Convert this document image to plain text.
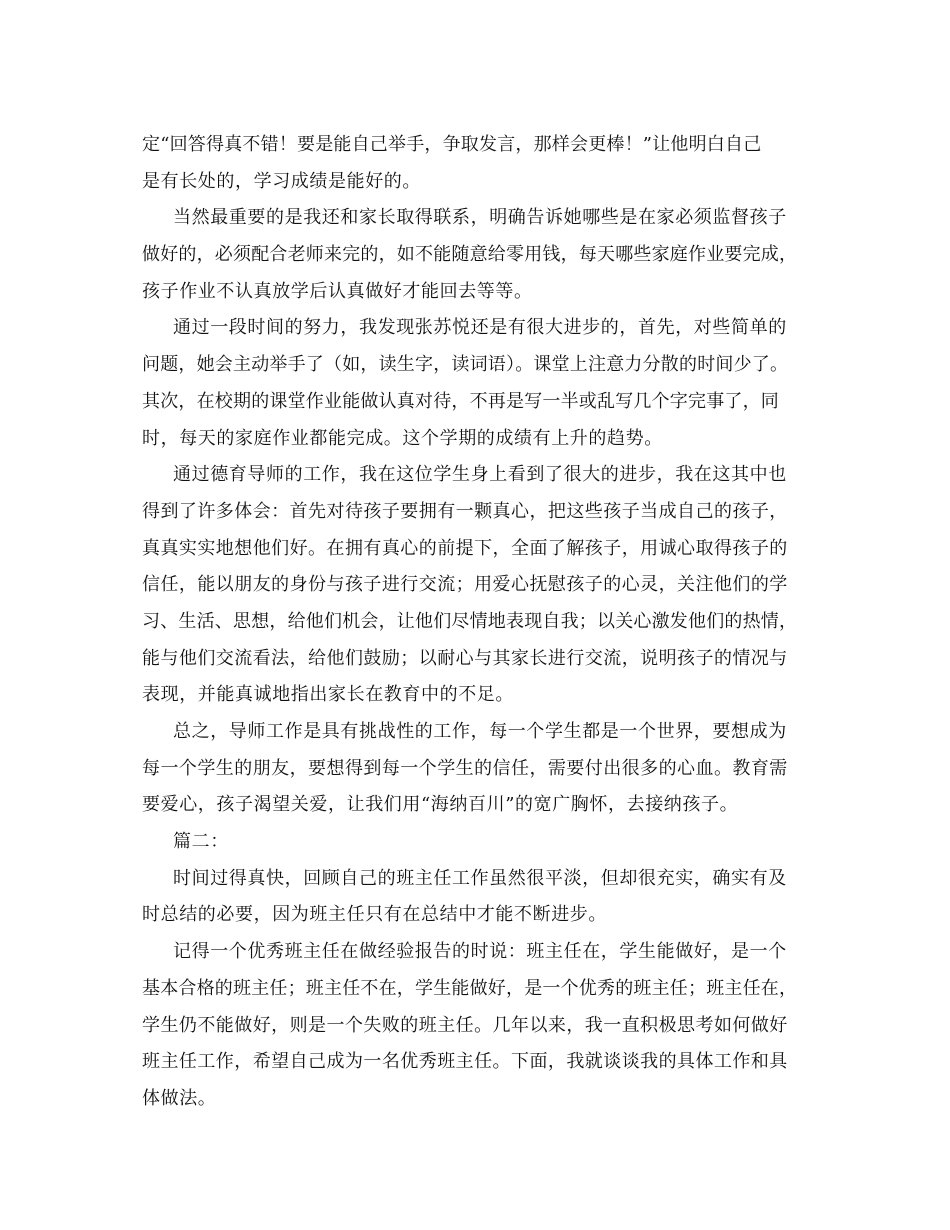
定“回答得真不错！要是能自己举手，争取发言，那样会更棒！”让他明白自己
是有长处的，学习成绩是能好的。
当然最重要的是我还和家长取得联系，明确告诉她哪些是在家必须监督孩子
做好的，必须配合老师来完的，如不能随意给零用钱，每天哪些家庭作业要完成，
孩子作业不认真放学后认真做好才能回去等等。
通过一段时间的努力，我发现张苏悦还是有很大进步的，首先，对些简单的
问题，她会主动举手了（如，读生字，读词语）。课堂上注意力分散的时间少了。
其次，在校期的课堂作业能做认真对待，不再是写一半或乱写几个字完事了，同
时，每天的家庭作业都能完成。这个学期的成绩有上升的趋势。
通过德育导师的工作，我在这位学生身上看到了很大的进步，我在这其中也
得到了许多体会：首先对待孩子要拥有一颗真心，把这些孩子当成自己的孩子，
真真实实地想他们好。在拥有真心的前提下，全面了解孩子，用诚心取得孩子的
信任，能以朋友的身份与孩子进行交流；用爱心抚慰孩子的心灵，关注他们的学
习、生活、思想，给他们机会，让他们尽情地表现自我；以关心激发他们的热情，
能与他们交流看法，给他们鼓励；以耐心与其家长进行交流，说明孩子的情况与
表现，并能真诚地指出家长在教育中的不足。
总之，导师工作是具有挑战性的工作，每一个学生都是一个世界，要想成为
每一个学生的朋友，要想得到每一个学生的信任，需要付出很多的心血。教育需
要爱心，孩子渴望关爱，让我们用“海纳百川”的宽广胸怀，去接纳孩子。
篇二：
时间过得真快，回顾自己的班主任工作虽然很平淡，但却很充实，确实有及
时总结的必要，因为班主任只有在总结中才能不断进步。
记得一个优秀班主任在做经验报告的时说：班主任在，学生能做好，是一个
基本合格的班主任；班主任不在，学生能做好，是一个优秀的班主任；班主任在，
学生仍不能做好，则是一个失败的班主任。几年以来，我一直积极思考如何做好
班主任工作，希望自己成为一名优秀班主任。下面，我就谈谈我的具体工作和具
体做法。
